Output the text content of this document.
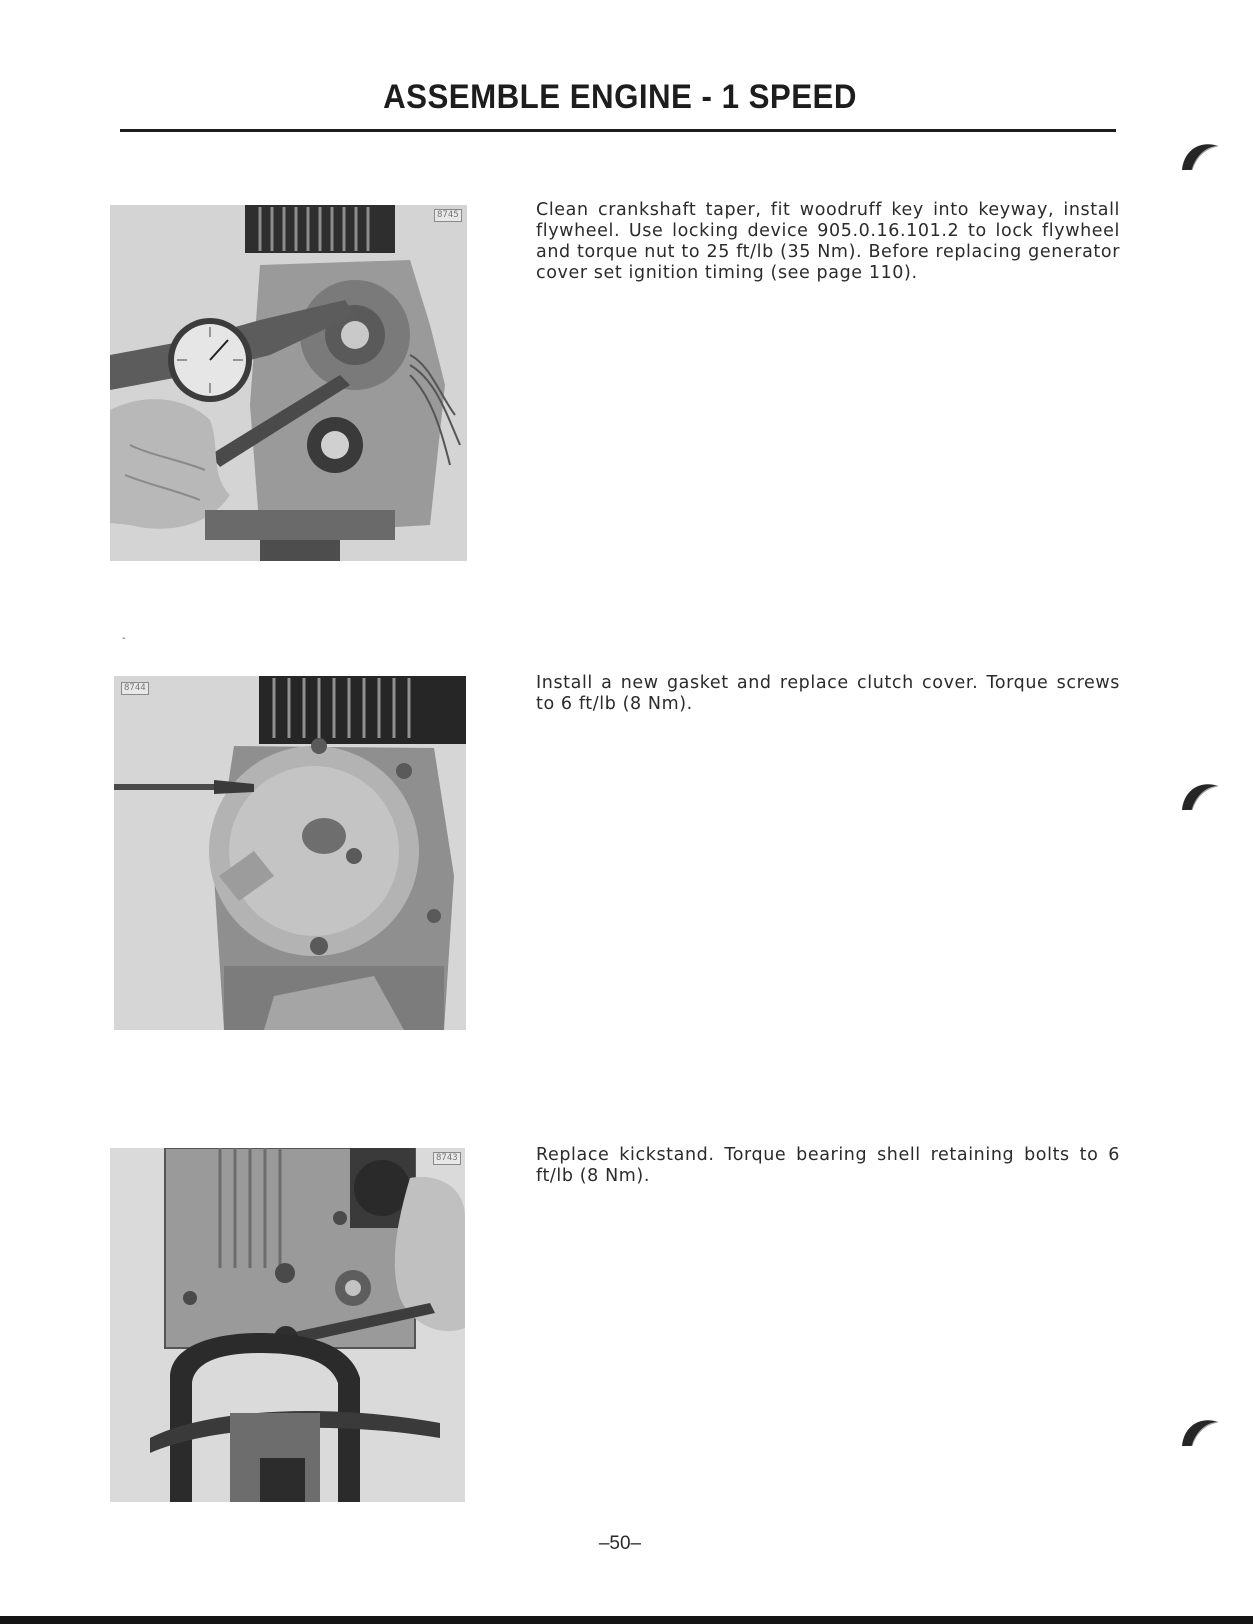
ASSEMBLE ENGINE - 1 SPEED
8745	Clean crankshaft taper, fit woodruff key into keyway, install flywheel. Use locking device 905.0.16.101.2 to lock flywheel and torque nut to 25 ft/lb (35 Nm). Before replacing generator cover set ignition timing (see page 110).
-
8744	Install a new gasket and replace clutch cover. Torque screws to 6 ft/lb (8 Nm).
8743	Replace kickstand. Torque bearing shell retaining bolts to 6 ft/lb (8 Nm).
–50–
